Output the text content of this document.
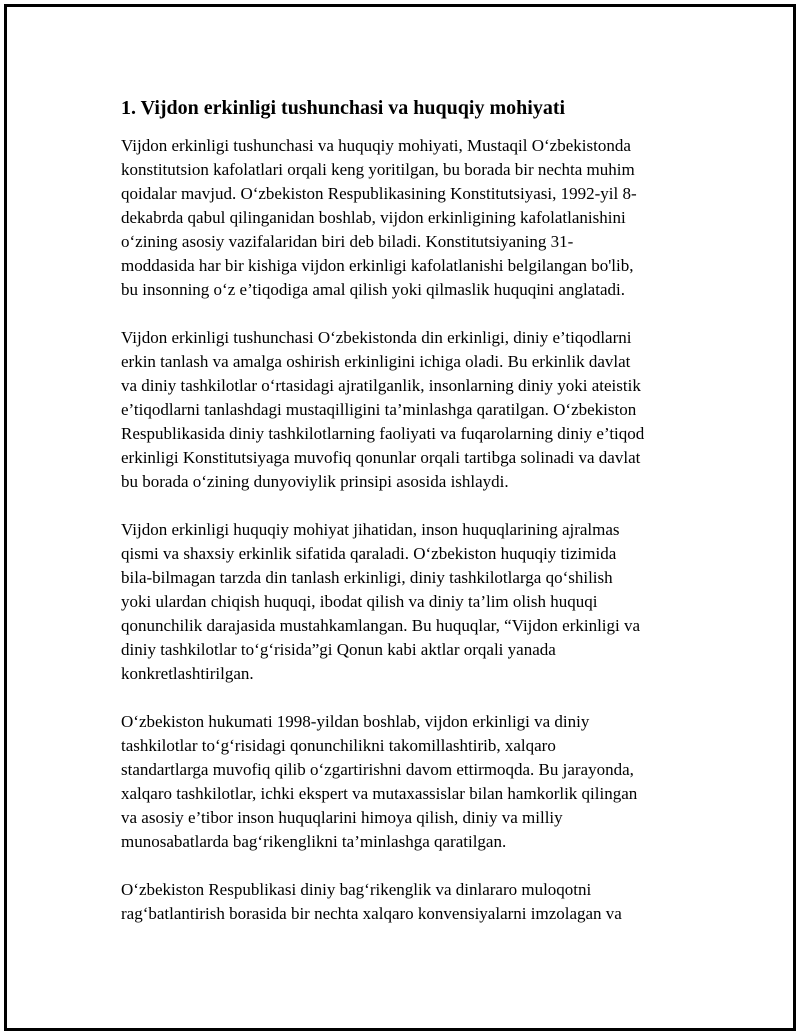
1. Vijdon erkinligi tushunchasi va huquqiy mohiyati

Vijdon erkinligi tushunchasi va huquqiy mohiyati, Mustaqil O‘zbekistonda
konstitutsion kafolatlari orqali keng yoritilgan, bu borada bir nechta muhim
qoidalar mavjud. O‘zbekiston Respublikasining Konstitutsiyasi, 1992-yil 8-
dekabrda qabul qilinganidan boshlab, vijdon erkinligining kafolatlanishini
o‘zining asosiy vazifalaridan biri deb biladi. Konstitutsiyaning 31-
moddasida har bir kishiga vijdon erkinligi kafolatlanishi belgilangan bo'lib,
bu insonning o‘z e’tiqodiga amal qilish yoki qilmaslik huquqini anglatadi.

Vijdon erkinligi tushunchasi O‘zbekistonda din erkinligi, diniy e’tiqodlarni
erkin tanlash va amalga oshirish erkinligini ichiga oladi. Bu erkinlik davlat
va diniy tashkilotlar o‘rtasidagi ajratilganlik, insonlarning diniy yoki ateistik
e’tiqodlarni tanlashdagi mustaqilligini ta’minlashga qaratilgan. O‘zbekiston
Respublikasida diniy tashkilotlarning faoliyati va fuqarolarning diniy e’tiqod
erkinligi Konstitutsiyaga muvofiq qonunlar orqali tartibga solinadi va davlat
bu borada o‘zining dunyoviylik prinsipi asosida ishlaydi.

Vijdon erkinligi huquqiy mohiyat jihatidan, inson huquqlarining ajralmas
qismi va shaxsiy erkinlik sifatida qaraladi. O‘zbekiston huquqiy tizimida
bila-bilmagan tarzda din tanlash erkinligi, diniy tashkilotlarga qo‘shilish
yoki ulardan chiqish huquqi, ibodat qilish va diniy ta’lim olish huquqi
qonunchilik darajasida mustahkamlangan. Bu huquqlar, “Vijdon erkinligi va
diniy tashkilotlar to‘g‘risida”gi Qonun kabi aktlar orqali yanada
konkretlashtirilgan.

O‘zbekiston hukumati 1998-yildan boshlab, vijdon erkinligi va diniy
tashkilotlar to‘g‘risidagi qonunchilikni takomillashtirib, xalqaro
standartlarga muvofiq qilib o‘zgartirishni davom ettirmoqda. Bu jarayonda,
xalqaro tashkilotlar, ichki ekspert va mutaxassislar bilan hamkorlik qilingan
va asosiy e’tibor inson huquqlarini himoya qilish, diniy va milliy
munosabatlarda bag‘rikenglikni ta’minlashga qaratilgan.

O‘zbekiston Respublikasi diniy bag‘rikenglik va dinlararo muloqotni
rag‘batlantirish borasida bir nechta xalqaro konvensiyalarni imzolagan va
